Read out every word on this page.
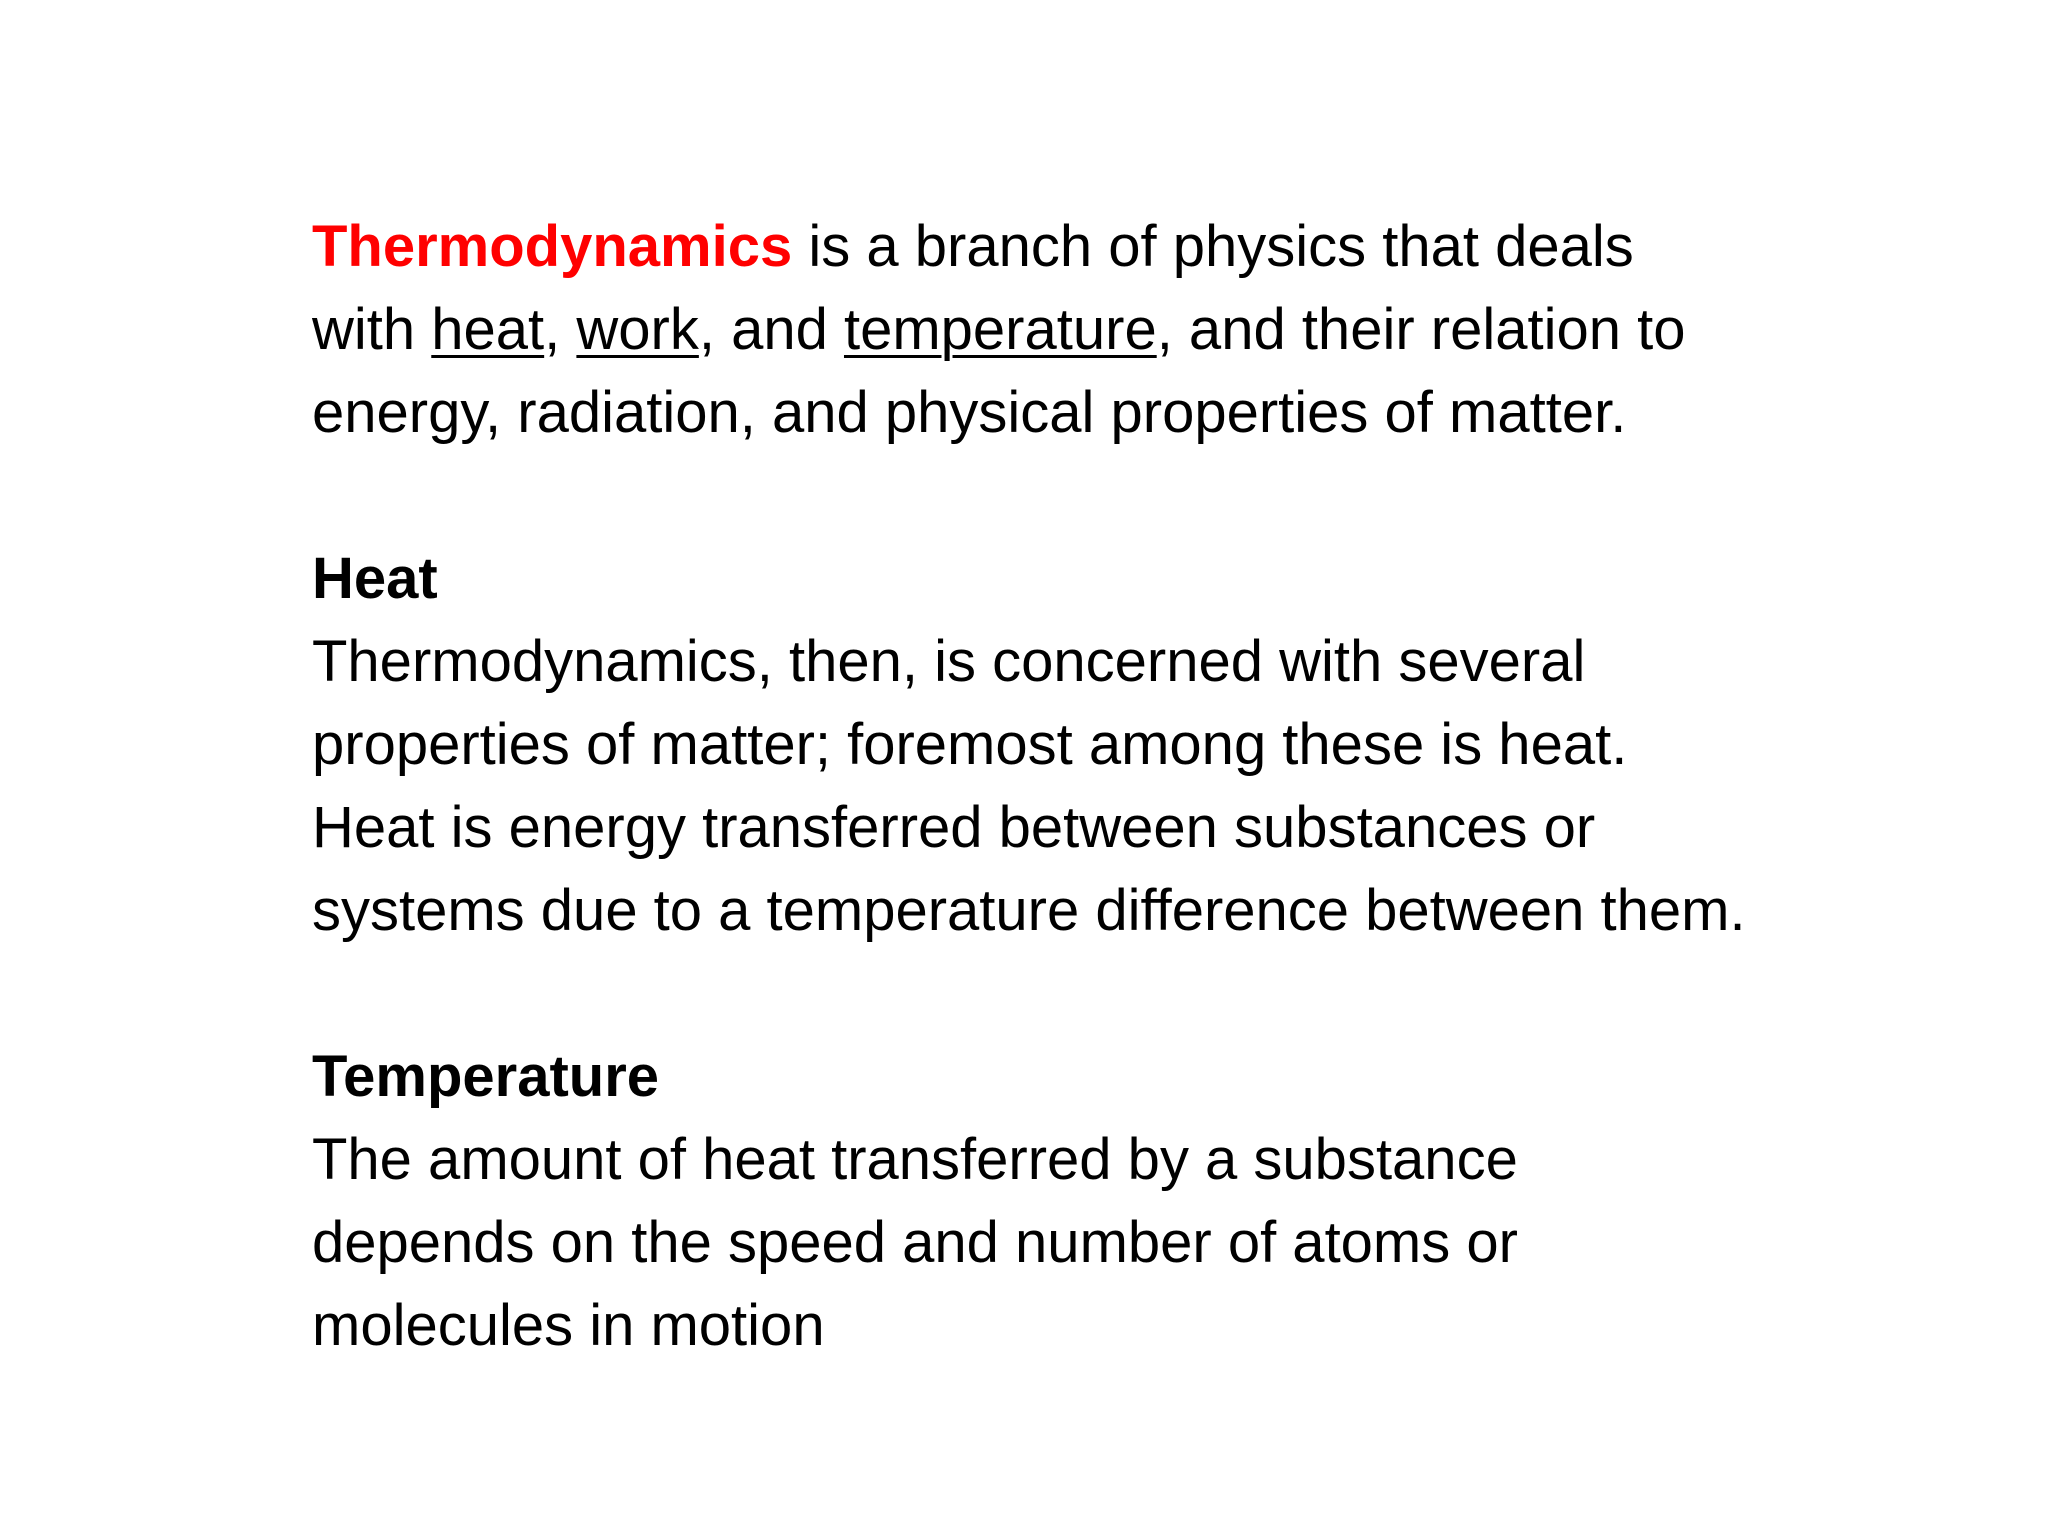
Thermodynamics is a branch of physics that deals with heat, work, and temperature, and their relation to energy, radiation, and physical properties of matter.

Heat

Thermodynamics, then, is concerned with several properties of matter; foremost among these is heat. Heat is energy transferred between substances or systems due to a temperature difference between them.

Temperature

The amount of heat transferred by a substance depends on the speed and number of atoms or molecules in motion
